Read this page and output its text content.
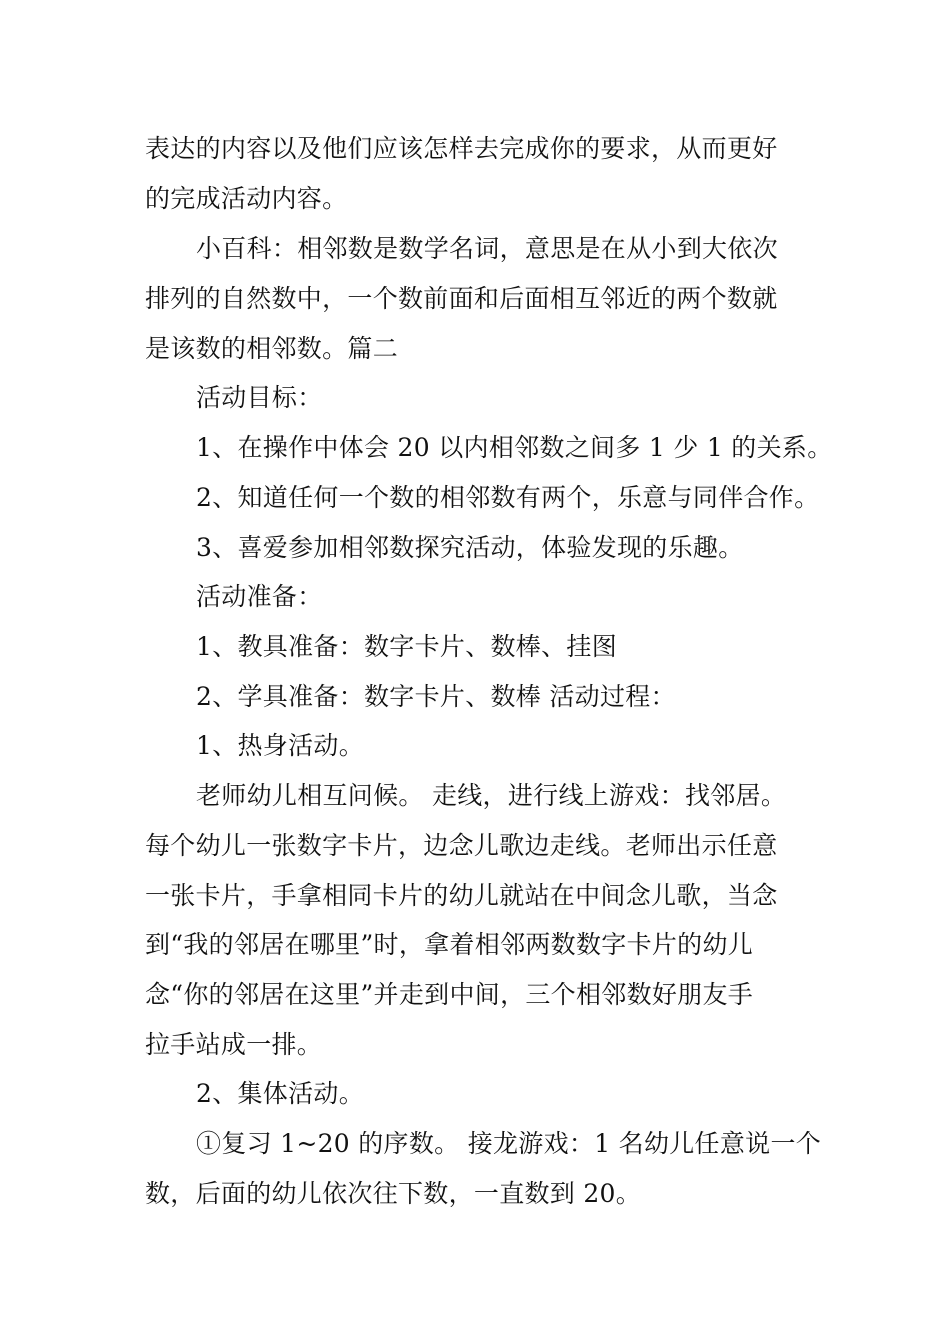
表达的内容以及他们应该怎样去完成你的要求，从而更好
的完成活动内容。
小百科：相邻数是数学名词，意思是在从小到大依次
排列的自然数中，一个数前面和后面相互邻近的两个数就
是该数的相邻数。篇二
活动目标：
1、在操作中体会 20 以内相邻数之间多 1 少 1 的关系。
2、知道任何一个数的相邻数有两个，乐意与同伴合作。
3、喜爱参加相邻数探究活动，体验发现的乐趣。
活动准备：
1、教具准备：数字卡片、数棒、挂图
2、学具准备：数字卡片、数棒 活动过程：
1、热身活动。
老师幼儿相互问候。 走线，进行线上游戏：找邻居。
每个幼儿一张数字卡片，边念儿歌边走线。老师出示任意
一张卡片，手拿相同卡片的幼儿就站在中间念儿歌，当念
到“我的邻居在哪里”时，拿着相邻两数数字卡片的幼儿
念“你的邻居在这里”并走到中间，三个相邻数好朋友手
拉手站成一排。
2、集体活动。
①复习 1~20 的序数。 接龙游戏：1 名幼儿任意说一个
数，后面的幼儿依次往下数，一直数到 20。
